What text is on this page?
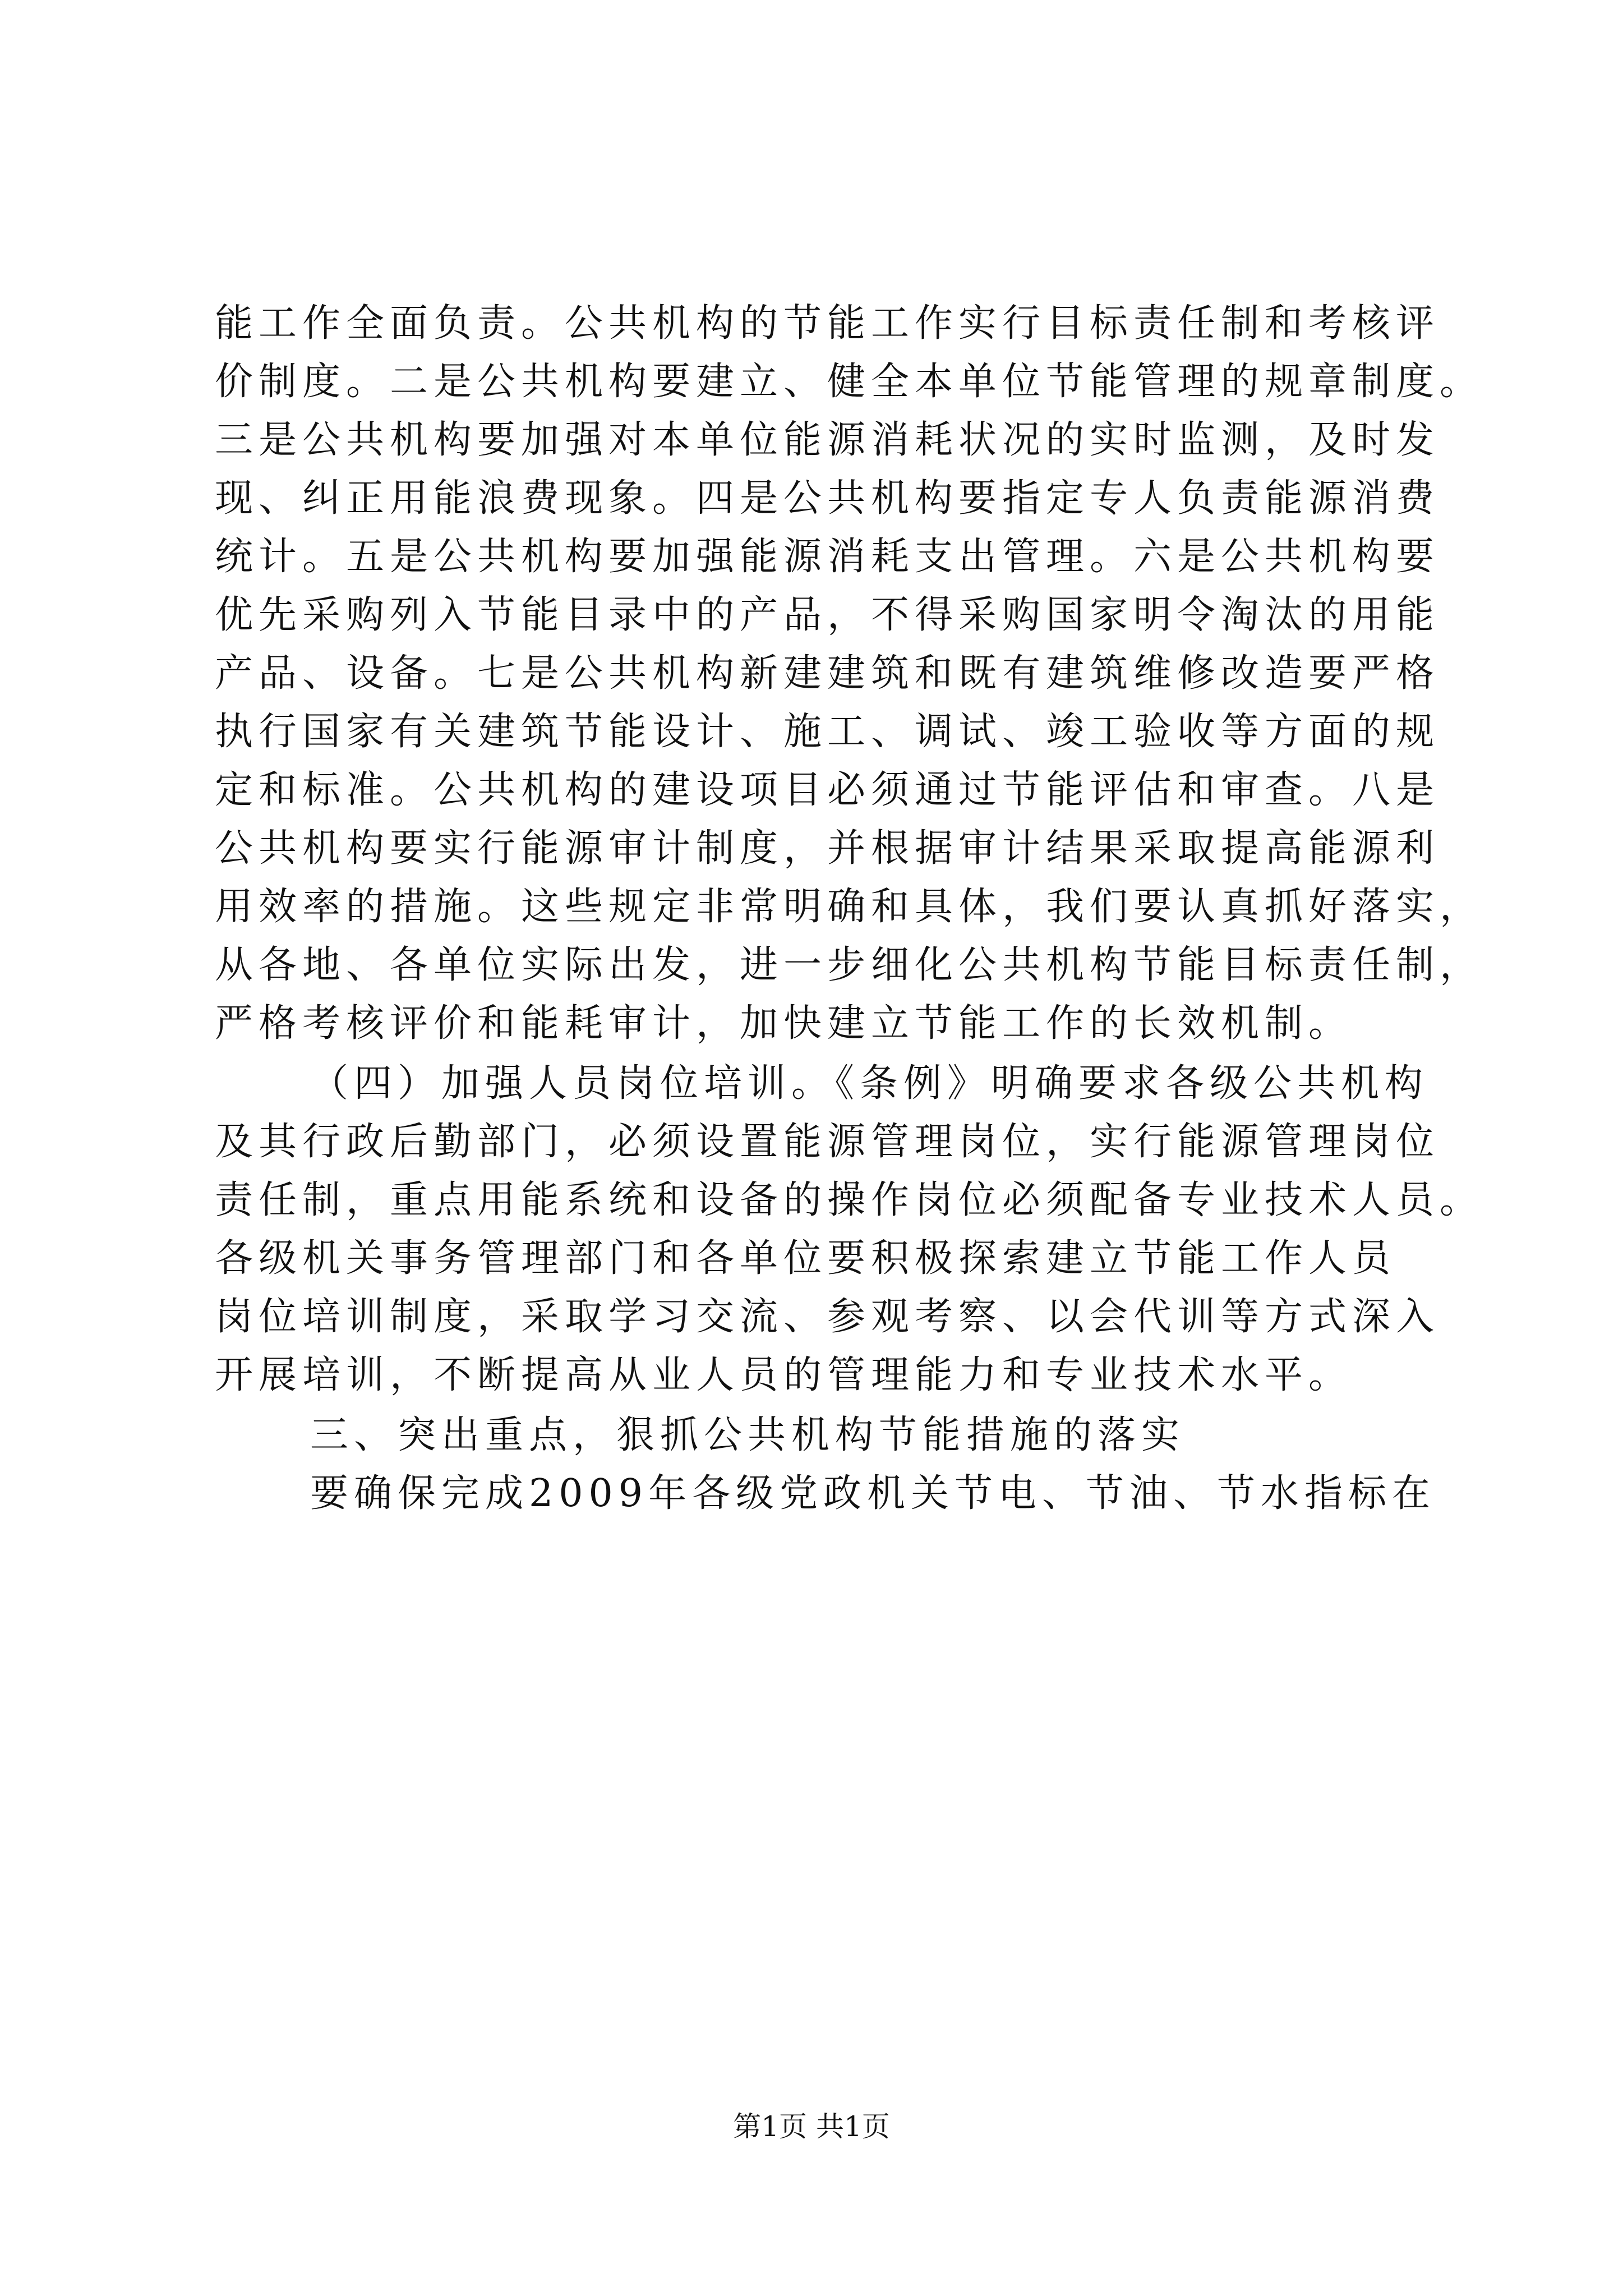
能工作全面负责。公共机构的节能工作实行目标责任制和考核评
价制度。二是公共机构要建立、健全本单位节能管理的规章制度。
三是公共机构要加强对本单位能源消耗状况的实时监测，及时发
现、纠正用能浪费现象。四是公共机构要指定专人负责能源消费
统计。五是公共机构要加强能源消耗支出管理。六是公共机构要
优先采购列入节能目录中的产品，不得采购国家明令淘汰的用能
产品、设备。七是公共机构新建建筑和既有建筑维修改造要严格
执行国家有关建筑节能设计、施工、调试、竣工验收等方面的规
定和标准。公共机构的建设项目必须通过节能评估和审查。八是
公共机构要实行能源审计制度，并根据审计结果采取提高能源利
用效率的措施。这些规定非常明确和具体，我们要认真抓好落实，
从各地、各单位实际出发，进一步细化公共机构节能目标责任制，
严格考核评价和能耗审计，加快建立节能工作的长效机制。
（四）加强人员岗位培训。《条例》明确要求各级公共机构
及其行政后勤部门，必须设置能源管理岗位，实行能源管理岗位
责任制，重点用能系统和设备的操作岗位必须配备专业技术人员。
各级机关事务管理部门和各单位要积极探索建立节能工作人员
岗位培训制度，采取学习交流、参观考察、以会代训等方式深入
开展培训，不断提高从业人员的管理能力和专业技术水平。
三、突出重点，狠抓公共机构节能措施的落实
要确保完成2009年各级党政机关节电、节油、节水指标在
第1页 共1页
